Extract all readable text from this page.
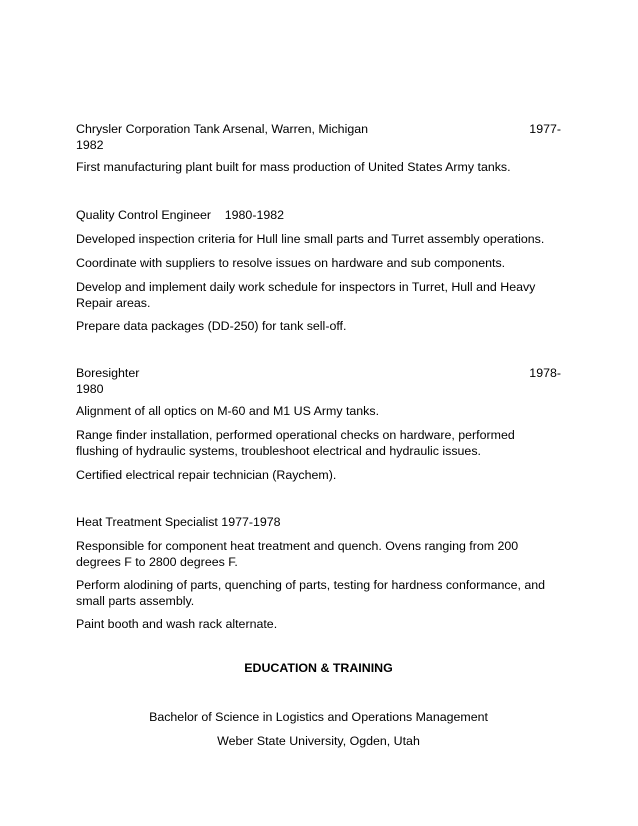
Chrysler Corporation Tank Arsenal, Warren, Michigan	1977-
1982
First manufacturing plant built for mass production of United States Army tanks.
Quality Control Engineer    1980-1982
Developed inspection criteria for Hull line small parts and Turret assembly operations.
Coordinate with suppliers to resolve issues on hardware and sub components.
Develop and implement daily work schedule for inspectors in Turret, Hull and Heavy Repair areas.
Prepare data packages (DD-250) for tank sell-off.
Boresighter	1978-
1980
Alignment of all optics on M-60 and M1 US Army tanks.
Range finder installation, performed operational checks on hardware, performed flushing of hydraulic systems, troubleshoot electrical and hydraulic issues.
Certified electrical repair technician (Raychem).
Heat Treatment Specialist 1977-1978
Responsible for component heat treatment and quench. Ovens ranging from 200 degrees F to 2800 degrees F.
Perform alodining of parts, quenching of parts, testing for hardness conformance, and small parts assembly.
Paint booth and wash rack alternate.
EDUCATION & TRAINING
Bachelor of Science in Logistics and Operations Management
Weber State University, Ogden, Utah
